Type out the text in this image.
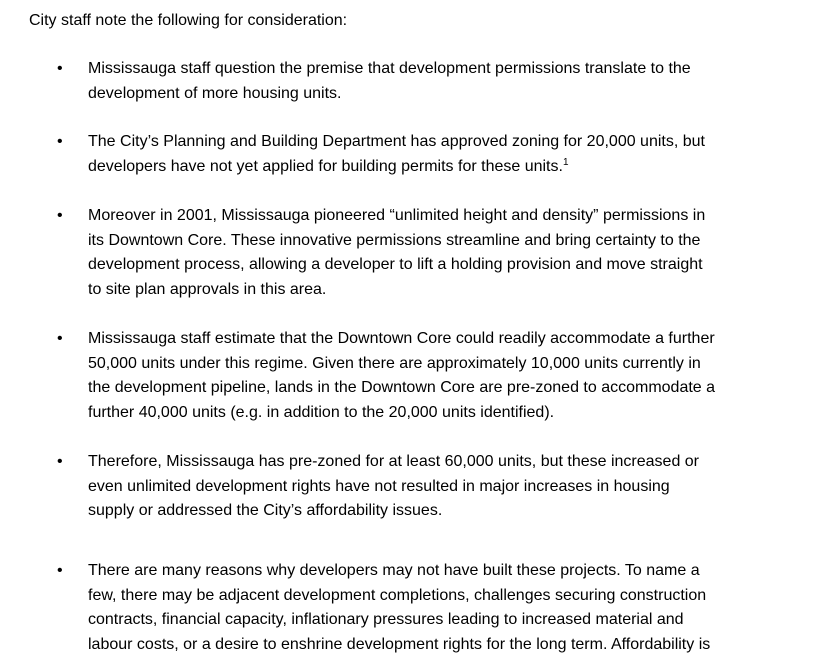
City staff note the following for consideration:
• Mississauga staff question the premise that development permissions translate to the
development of more housing units.
• The City’s Planning and Building Department has approved zoning for 20,000 units, but
developers have not yet applied for building permits for these units.$^1$
• Moreover in 2001, Mississauga pioneered “unlimited height and density” permissions in
its Downtown Core. These innovative permissions streamline and bring certainty to the
development process, allowing a developer to lift a holding provision and move straight
to site plan approvals in this area.
• Mississauga staff estimate that the Downtown Core could readily accommodate a further
50,000 units under this regime. Given there are approximately 10,000 units currently in
the development pipeline, lands in the Downtown Core are pre-zoned to accommodate a
further 40,000 units (e.g. in addition to the 20,000 units identified).
• Therefore, Mississauga has pre-zoned for at least 60,000 units, but these increased or
even unlimited development rights have not resulted in major increases in housing
supply or addressed the City’s affordability issues.
• There are many reasons why developers may not have built these projects. To name a
few, there may be adjacent development completions, challenges securing construction
contracts, financial capacity, inflationary pressures leading to increased material and
labour costs, or a desire to enshrine development rights for the long term. Affordability is
